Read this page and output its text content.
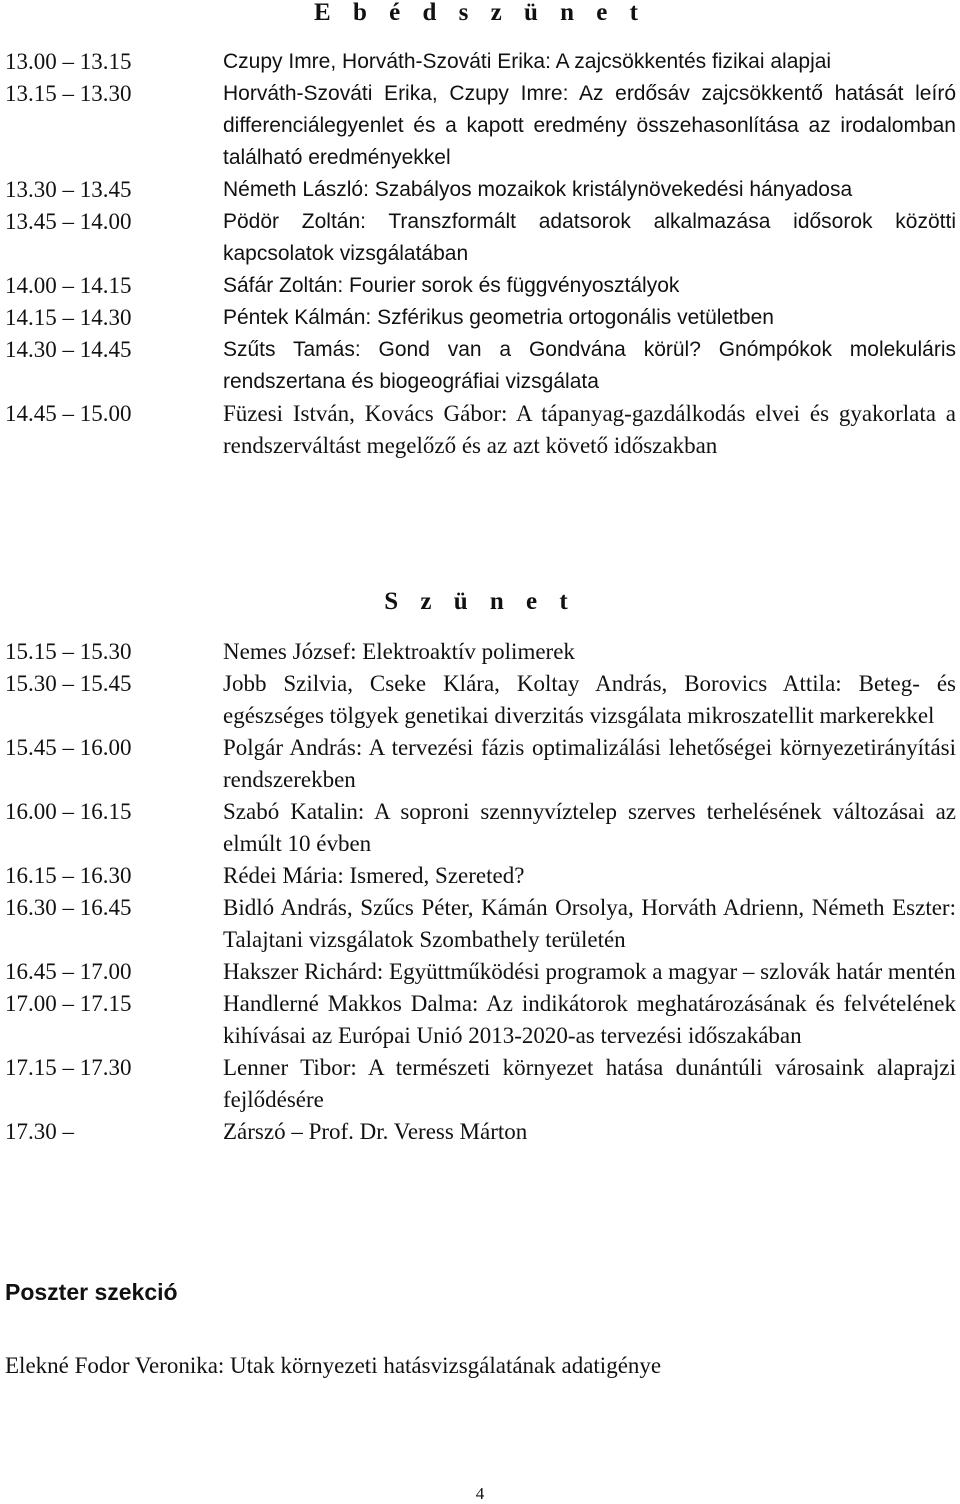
E b é d s z ü n e t
13.00 – 13.15	Czupy Imre, Horváth-Szováti Erika: A zajcsökkentés fizikai alapjai
13.15 – 13.30	Horváth-Szováti Erika, Czupy Imre: Az erdősáv zajcsökkentő hatását leíró differenciálegyenlet és a kapott eredmény összehasonlítása az irodalomban található eredményekkel
13.30 – 13.45	Németh László: Szabályos mozaikok kristálynövekedési hányadosa
13.45 – 14.00	Pödör Zoltán: Transzformált adatsorok alkalmazása idősorok közötti kapcsolatok vizsgálatában
14.00 – 14.15	Sáfár Zoltán: Fourier sorok és függvényosztályok
14.15 – 14.30	Péntek Kálmán: Szférikus geometria ortogonális vetületben
14.30 – 14.45	Szűts Tamás: Gond van a Gondvána körül? Gnómpókok molekuláris rendszertana és biogeográfiai vizsgálata
14.45 – 15.00	Füzesi István, Kovács Gábor: A tápanyag-gazdálkodás elvei és gyakorlata a rendszerváltást megelőző és az azt követő időszakban
S z ü n e t
15.15 – 15.30	Nemes József: Elektroaktív polimerek
15.30 – 15.45	Jobb Szilvia, Cseke Klára, Koltay András, Borovics Attila: Beteg- és egészséges tölgyek genetikai diverzitás vizsgálata mikroszatellit markerekkel
15.45 – 16.00	Polgár András: A tervezési fázis optimalizálási lehetőségei környezetirányítási rendszerekben
16.00 – 16.15	Szabó Katalin: A soproni szennyvíztelep szerves terhelésének változásai az elmúlt 10 évben
16.15 – 16.30	Rédei Mária: Ismered, Szereted?
16.30 – 16.45	Bidló András, Szűcs Péter, Kámán Orsolya, Horváth Adrienn, Németh Eszter: Talajtani vizsgálatok Szombathely területén
16.45 – 17.00	Hakszer Richárd: Együttműködési programok a magyar – szlovák határ mentén
17.00 – 17.15	Handlerné Makkos Dalma: Az indikátorok meghatározásának és felvételének kihívásai az Európai Unió 2013-2020-as tervezési időszakában
17.15 – 17.30	Lenner Tibor: A természeti környezet hatása dunántúli városaink alaprajzi fejlődésére
17.30 –	Zárszó – Prof. Dr. Veress Márton
Poszter szekció
Elekné Fodor Veronika: Utak környezeti hatásvizsgálatának adatigénye
4
